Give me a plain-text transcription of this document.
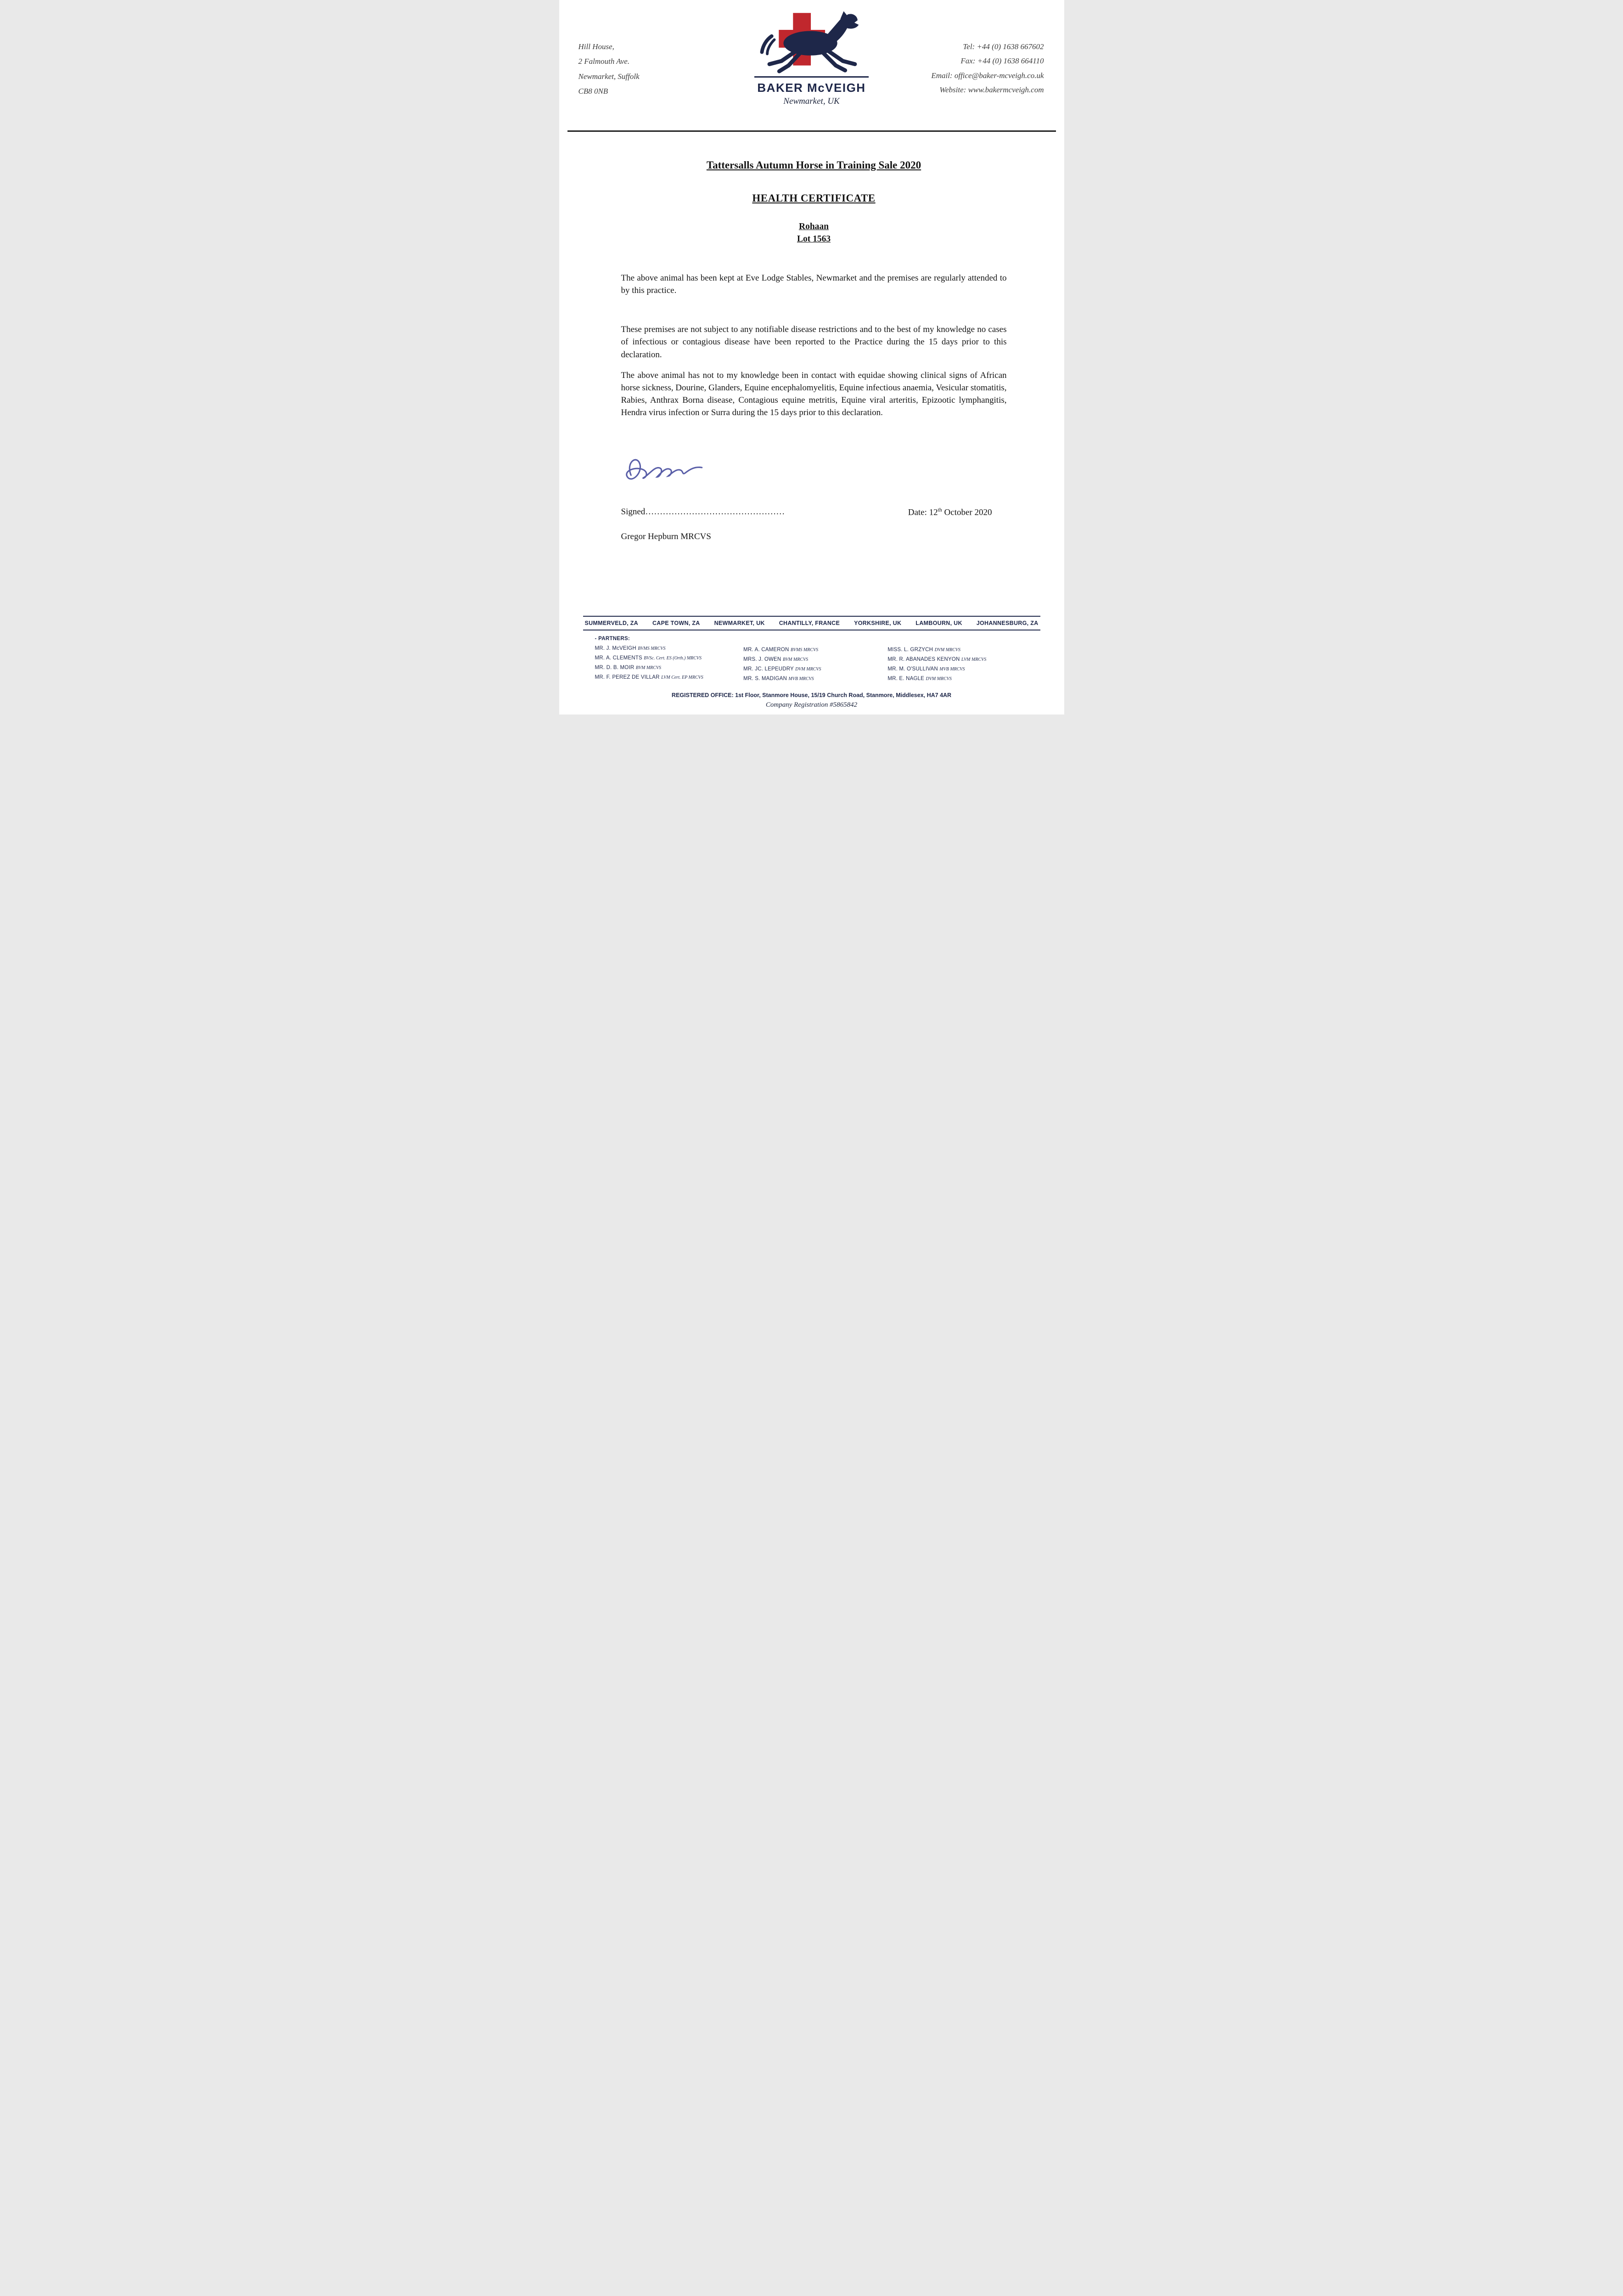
Hill House,
2 Falmouth Ave.
Newmarket, Suffolk
CB8 0NB	BAKER McVEIGH
Newmarket, UK
Tel: +44 (0) 1638 667602
Fax: +44 (0) 1638 664110
Email: office@baker-mcveigh.co.uk
Website: www.bakermcveigh.com
Tattersalls Autumn Horse in Training Sale 2020
HEALTH CERTIFICATE
Rohaan
Lot 1563

The above animal has been kept at Eve Lodge Stables, Newmarket and the premises are regularly attended to by this practice.

These premises are not subject to any notifiable disease restrictions and to the best of my knowledge no cases of infectious or contagious disease have been reported to the Practice during the 15 days prior to this declaration.

The above animal has not to my knowledge been in contact with equidae showing clinical signs of African horse sickness, Dourine, Glanders, Equine encephalomyelitis, Equine infectious anaemia, Vesicular stomatitis, Rabies, Anthrax Borna disease, Contagious equine metritis, Equine viral arteritis, Epizootic lymphangitis, Hendra virus infection or Surra during the 15 days prior to this declaration.

Signed…………………………………………	Date: 12th October 2020
Gregor Hepburn MRCVS
SUMMERVELD, ZA CAPE TOWN, ZA NEWMARKET, UK CHANTILLY, FRANCE YORKSHIRE, UK LAMBOURN, UK JOHANNESBURG, ZA
- PARTNERS:
MR. J. McVEIGH BVMS MRCVS
MR. A. CLEMENTS BVSc. Cert. ES (Orth.) MRCVS
MR. D. B. MOIR BVM MRCVS
MR. F. PEREZ DE VILLAR LVM Cert. EP MRCVS
MR. A. CAMERON BVMS MRCVS
MRS. J. OWEN BVM MRCVS
MR. JC. LEPEUDRY DVM MRCVS
MR. S. MADIGAN MVB MRCVS
MISS. L. GRZYCH DVM MRCVS
MR. R. ABANADES KENYON LVM MRCVS
MR. M. O'SULLIVAN MVB MRCVS
MR. E. NAGLE DVM MRCVS
REGISTERED OFFICE: 1st Floor, Stanmore House, 15/19 Church Road, Stanmore, Middlesex, HA7 4AR
Company Registration #5865842
